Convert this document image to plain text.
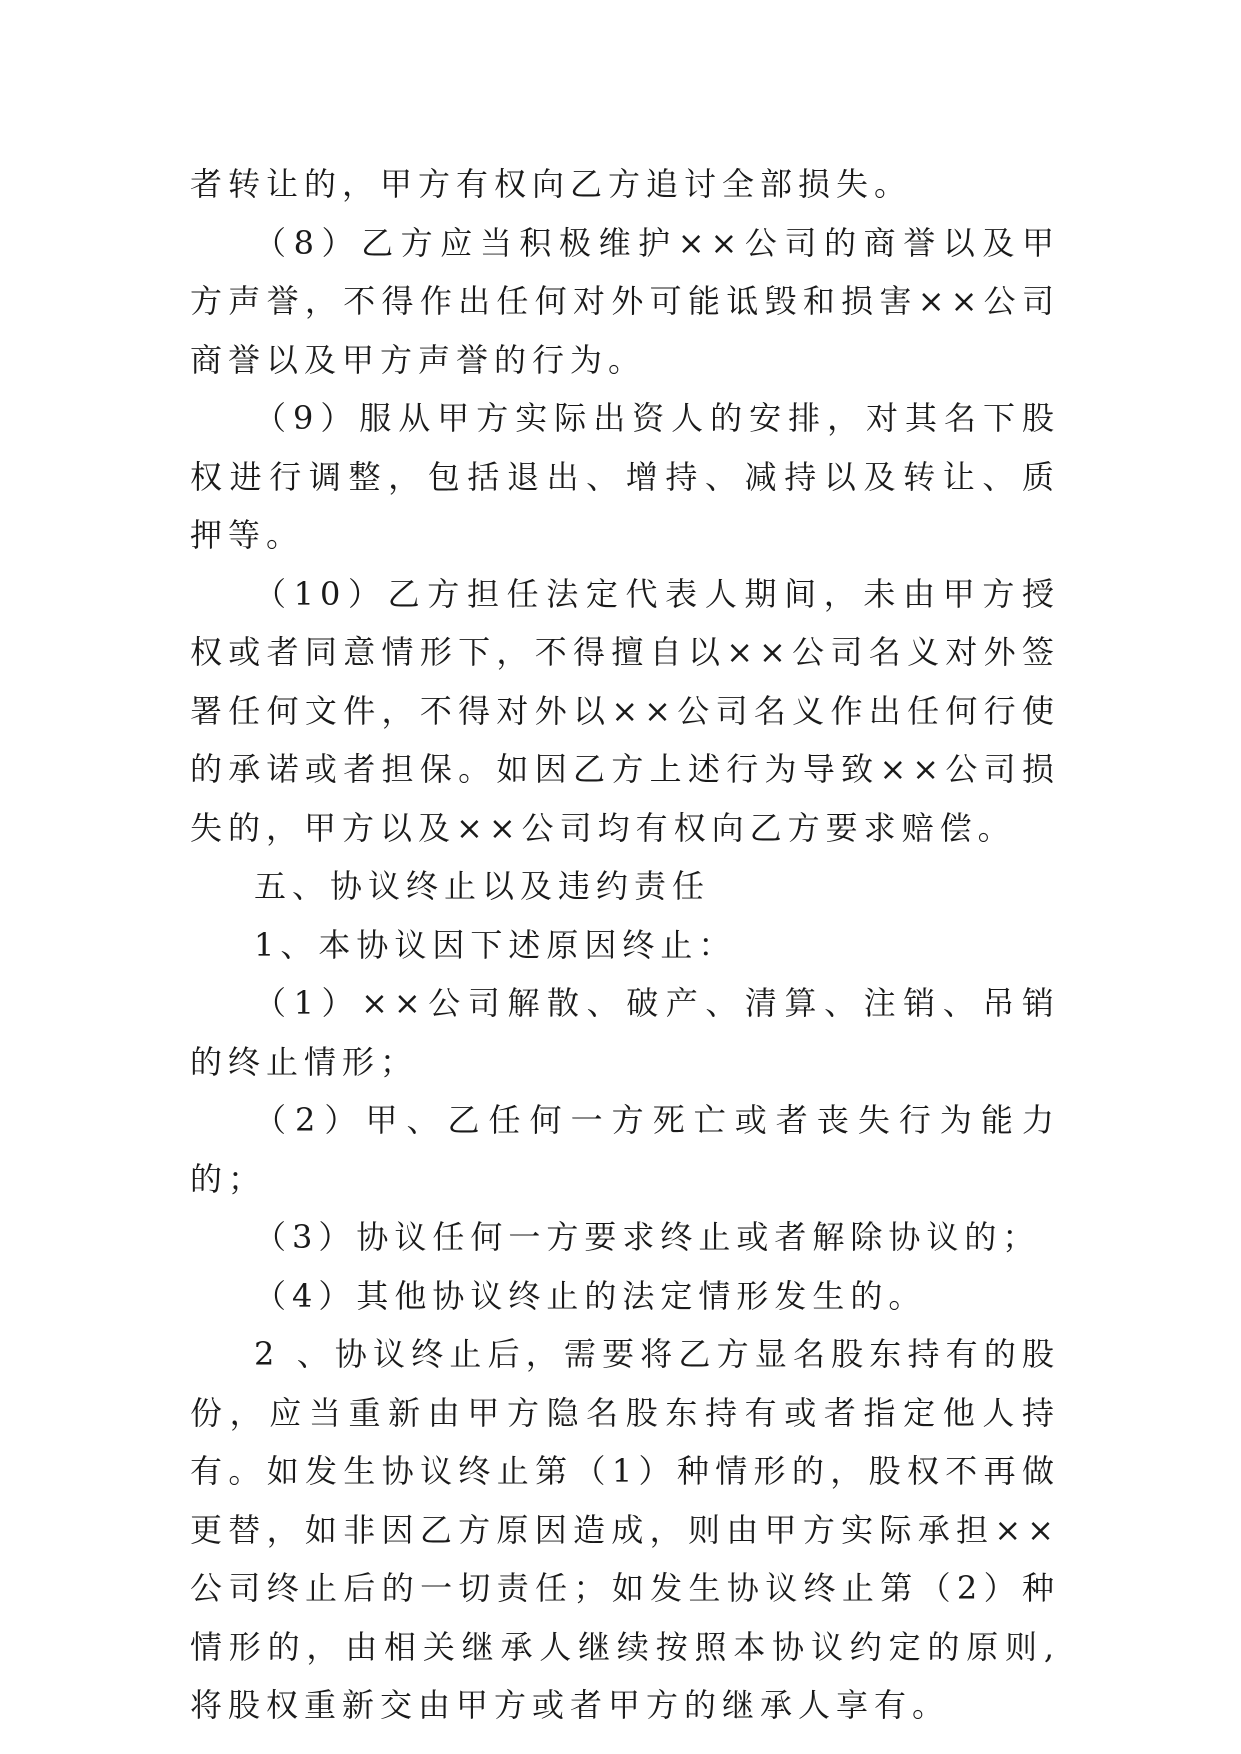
者转让的，甲方有权向乙方追讨全部损失。

（8）乙方应当积极维护××公司的商誉以及甲方声誉，不得作出任何对外可能诋毁和损害××公司商誉以及甲方声誉的行为。

（9）服从甲方实际出资人的安排，对其名下股权进行调整，包括退出、增持、减持以及转让、质押等。

（10）乙方担任法定代表人期间，未由甲方授权或者同意情形下，不得擅自以××公司名义对外签署任何文件，不得对外以××公司名义作出任何行使的承诺或者担保。如因乙方上述行为导致××公司损失的，甲方以及××公司均有权向乙方要求赔偿。

五、协议终止以及违约责任

1、本协议因下述原因终止：

（1）××公司解散、破产、清算、注销、吊销的终止情形；

（2）甲、乙任何一方死亡或者丧失行为能力的；

（3）协议任何一方要求终止或者解除协议的；

（4）其他协议终止的法定情形发生的。

2 、协议终止后，需要将乙方显名股东持有的股份，应当重新由甲方隐名股东持有或者指定他人持有。如发生协议终止第（1）种情形的，股权不再做更替，如非因乙方原因造成，则由甲方实际承担××公司终止后的一切责任；如发生协议终止第（2）种情形的，由相关继承人继续按照本协议约定的原则,将股权重新交由甲方或者甲方的继承人享有。
